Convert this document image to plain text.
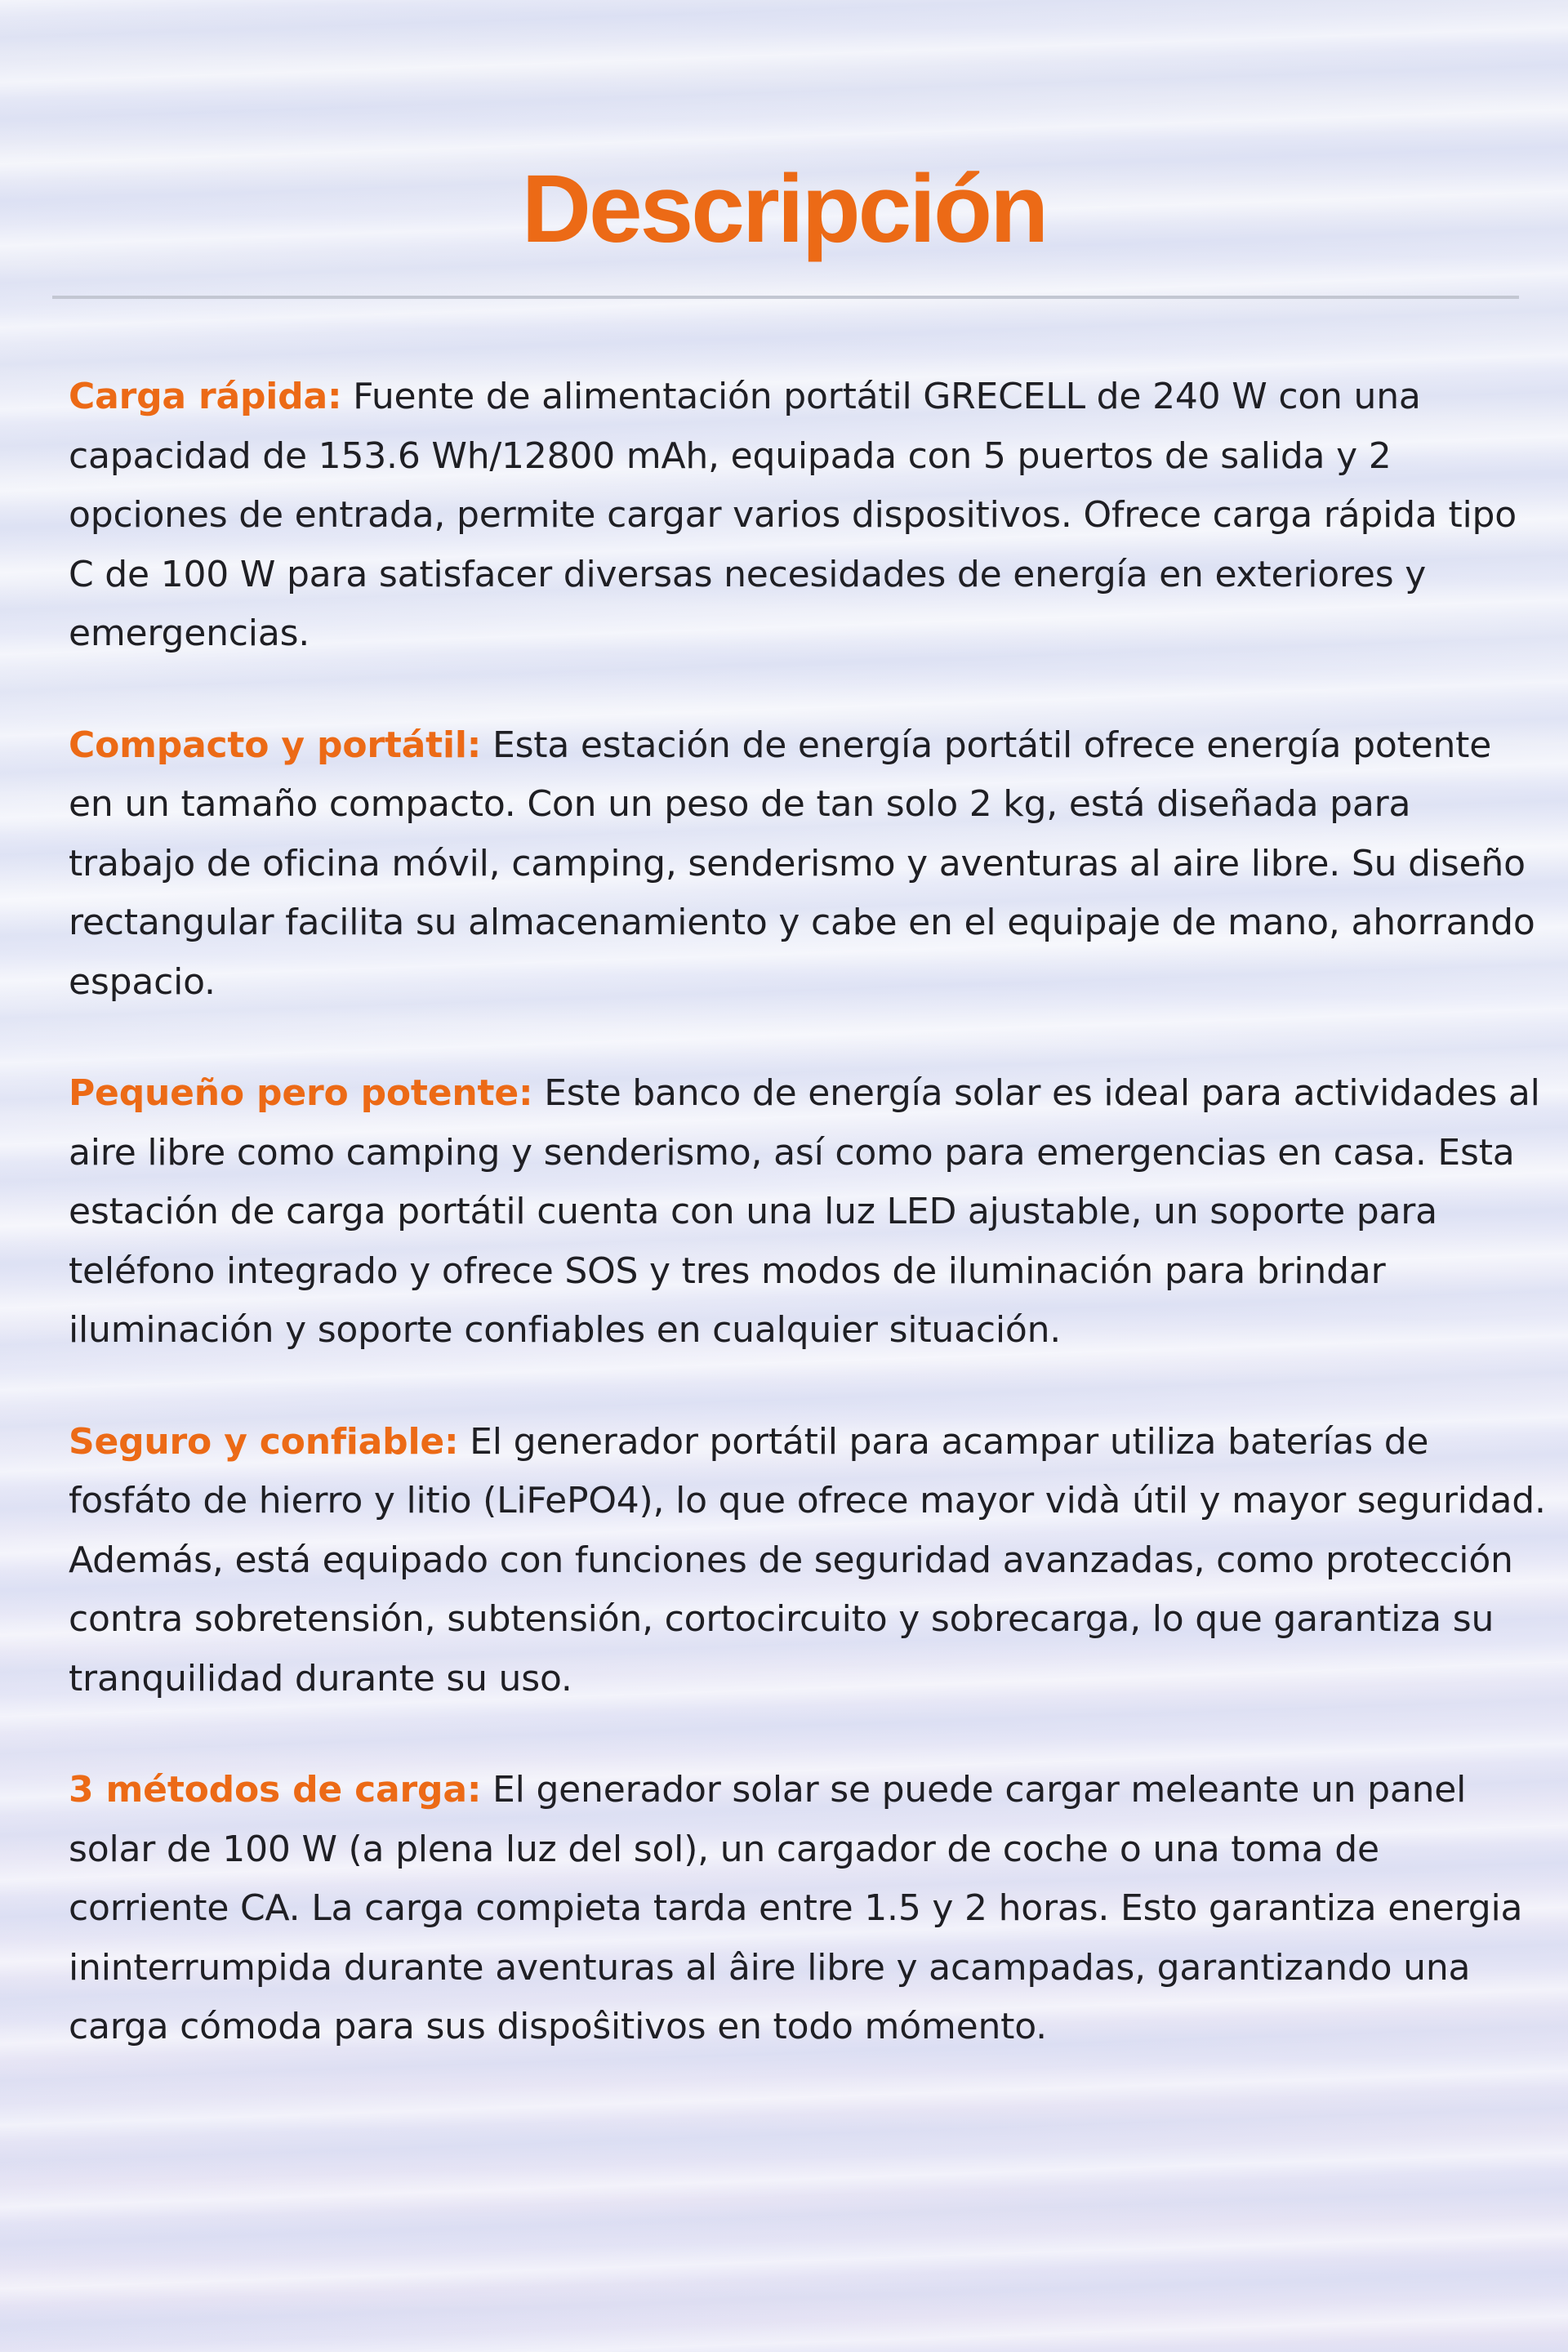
Descripción

Carga rápida: Fuente de alimentación portátil GRECELL de 240 W con una capacidad de 153.6 Wh/12800 mAh, equipada con 5 puertos de salida y 2 opciones de entrada, permite cargar varios dispositivos. Ofrece carga rápida tipo C de 100 W para satisfacer diversas necesidades de energía en exteriores y emergencias.

Compacto y portátil: Esta estación de energía portátil ofrece energía potente en un tamaño compacto. Con un peso de tan solo 2 kg, está diseñada para trabajo de oficina móvil, camping, senderismo y aventuras al aire libre. Su diseño rectangular facilita su almacenamiento y cabe en el equipaje de mano, ahorrando espacio.

Pequeño pero potente: Este banco de energía solar es ideal para actividades al aire libre como camping y senderismo, así como para emergencias en casa. Esta estación de carga portátil cuenta con una luz LED ajustable, un soporte para teléfono integrado y ofrece SOS y tres modos de iluminación para brindar iluminación y soporte confiables en cualquier situación.

Seguro y confiable: El generador portátil para acampar utiliza baterías de fosfáto de hierro y litio (LiFePO4), lo que ofrece mayor vidà útil y mayor seguridad. Además, está equipado con funciones de seguridad avanzadas, como protección contra sobretensión, subtensión, cortocircuito y sobrecarga, lo que garantiza su tranquilidad durante su uso.

3 métodos de carga: El generador solar se puede cargar meleante un panel solar de 100 W (a plena luz del sol), un cargador de coche o una toma de corriente CA. La carga compieta tarda entre 1.5 y 2 horas. Esto garantiza energia ininterrumpida durante aventuras al âire libre y acampadas, garantizando una carga cómoda para sus dispoŝitivos en todo mómento.
